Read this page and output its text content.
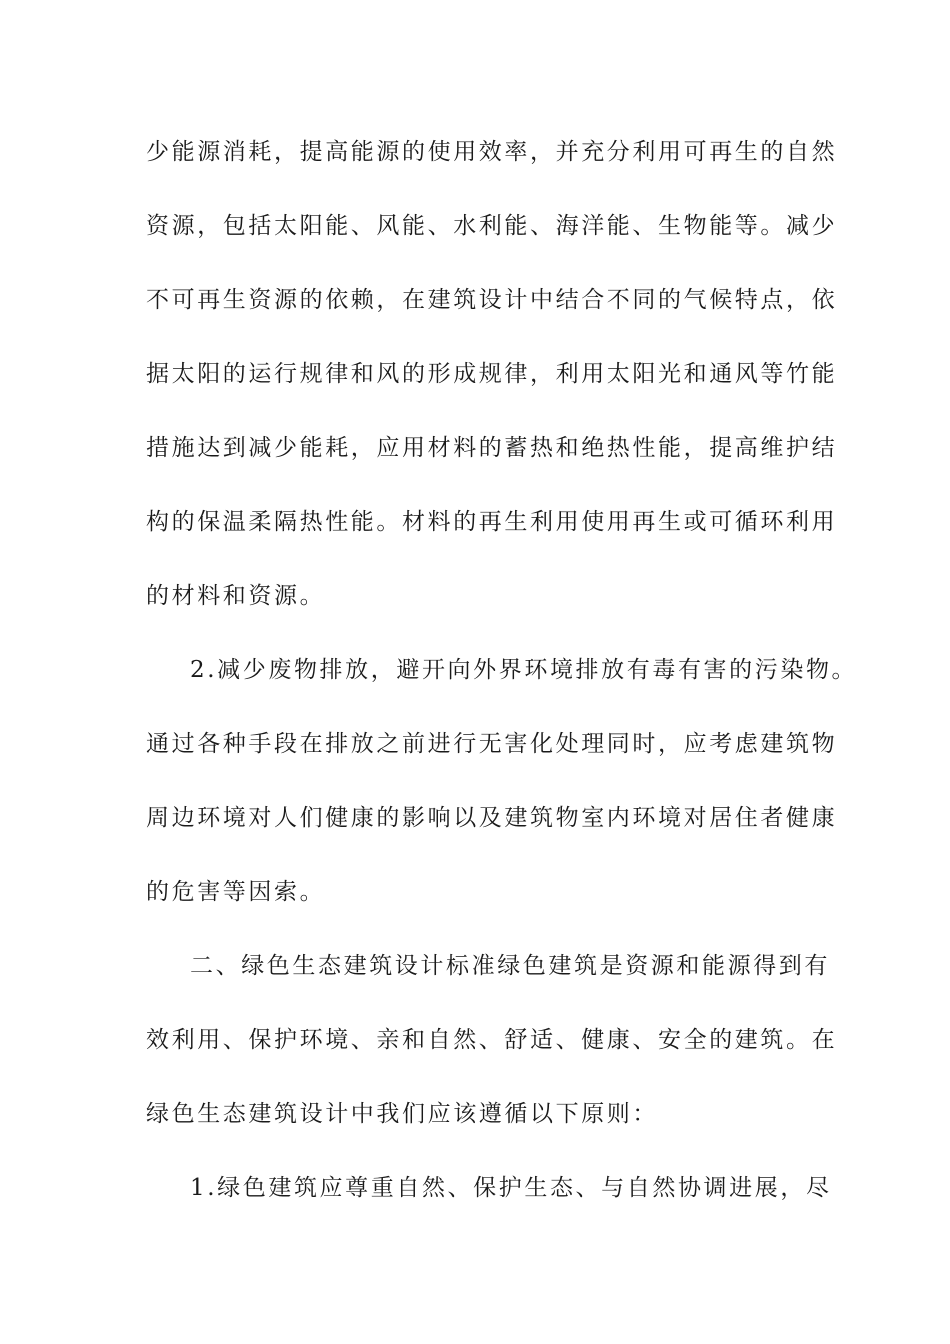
少能源消耗，提高能源的使用效率，并充分利用可再生的自然

资源，包括太阳能、风能、水利能、海洋能、生物能等。减少

不可再生资源的依赖，在建筑设计中结合不同的气候特点，依

据太阳的运行规律和风的形成规律，利用太阳光和通风等竹能

措施达到减少能耗，应用材料的蓄热和绝热性能，提高维护结

构的保温柔隔热性能。材料的再生利用使用再生或可循环利用

的材料和资源。

2.减少废物排放，避开向外界环境排放有毒有害的污染物。

通过各种手段在排放之前进行无害化处理同时，应考虑建筑物

周边环境对人们健康的影响以及建筑物室内环境对居住者健康

的危害等因索。

二、绿色生态建筑设计标准绿色建筑是资源和能源得到有

效利用、保护环境、亲和自然、舒适、健康、安全的建筑。在

绿色生态建筑设计中我们应该遵循以下原则：

1.绿色建筑应尊重自然、保护生态、与自然协调进展，尽
